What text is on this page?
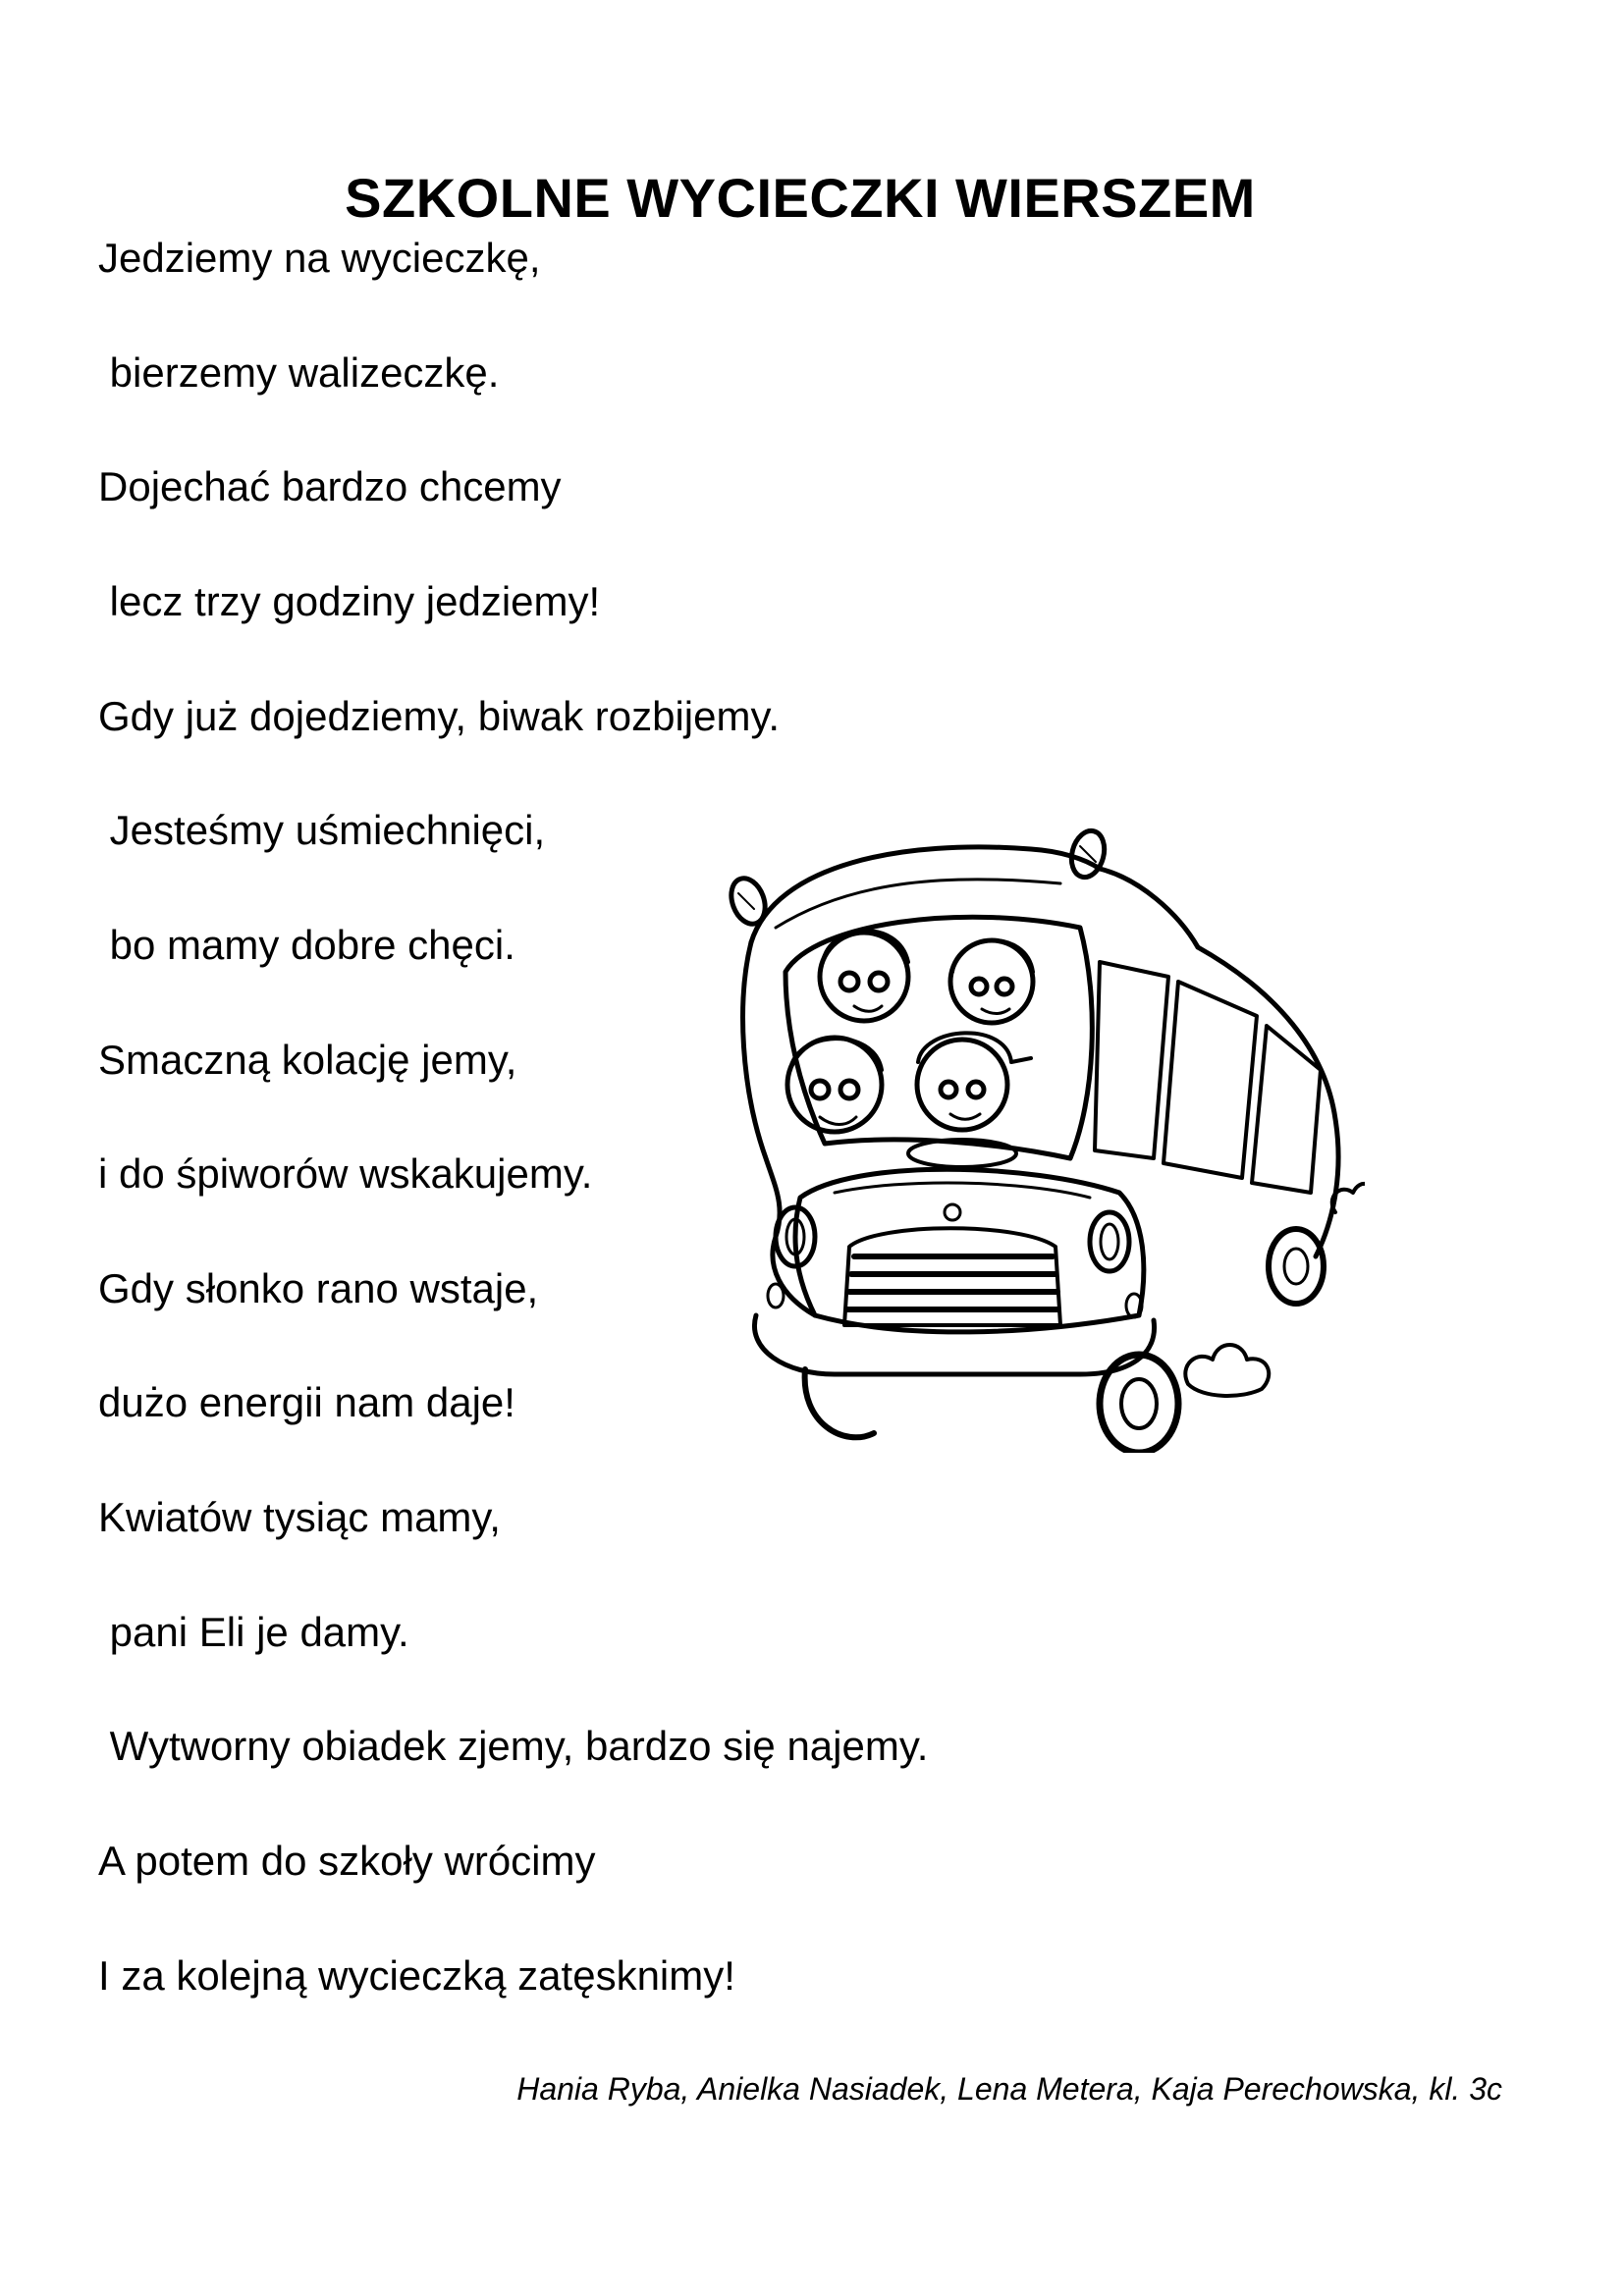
SZKOLNE WYCIECZKI WIERSZEM
Jedziemy na wycieczkę,
bierzemy walizeczkę.
Dojechać bardzo chcemy
lecz trzy godziny jedziemy!
Gdy już dojedziemy, biwak rozbijemy.
Jesteśmy uśmiechnięci,
bo mamy dobre chęci.
Smaczną kolację jemy,
i do śpiworów wskakujemy.
Gdy słonko rano wstaje,
dużo energii nam daje!
Kwiatów tysiąc mamy,
pani Eli je damy.
Wytworny obiadek zjemy, bardzo się najemy.
A potem do szkoły wrócimy
I za kolejną wycieczką zatęsknimy!
Hania Ryba, Anielka Nasiadek, Lena Metera, Kaja Perechowska, kl. 3c
